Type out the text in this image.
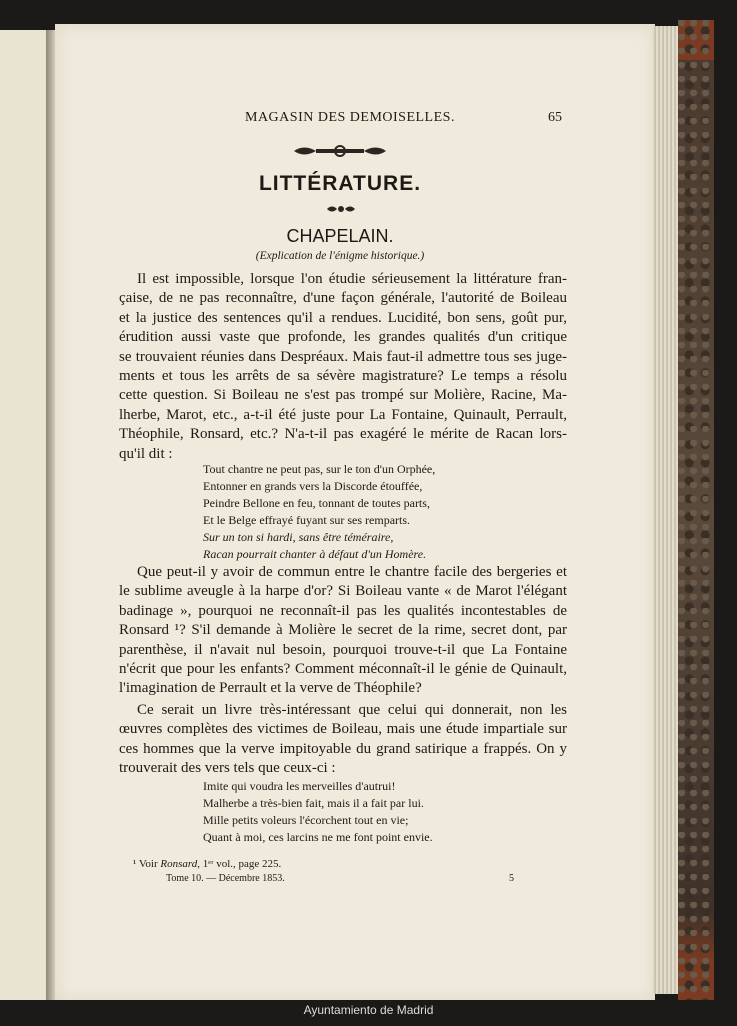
MAGASIN DES DEMOISELLES.	65
LITTÉRATURE.
CHAPELAIN.
(Explication de l'énigme historique.)
Il est impossible, lorsque l'on étudie sérieusement la littérature fran-
çaise, de ne pas reconnaître, d'une façon générale, l'autorité de Boileau
et la justice des sentences qu'il a rendues. Lucidité, bon sens, goût pur,
érudition aussi vaste que profonde, les grandes qualités d'un critique
se trouvaient réunies dans Despréaux. Mais faut-il admettre tous ses juge-
ments et tous les arrêts de sa sévère magistrature? Le temps a résolu
cette question. Si Boileau ne s'est pas trompé sur Molière, Racine, Ma-
lherbe, Marot, etc., a-t-il été juste pour La Fontaine, Quinault, Perrault,
Théophile, Ronsard, etc.? N'a-t-il pas exagéré le mérite de Racan lors-
qu'il dit :
Tout chantre ne peut pas, sur le ton d'un Orphée,
Entonner en grands vers la Discorde étouffée,
Peindre Bellone en feu, tonnant de toutes parts,
Et le Belge effrayé fuyant sur ses remparts.
Sur un ton si hardi, sans être téméraire,
Racan pourrait chanter à défaut d'un Homère.
Que peut-il y avoir de commun entre le chantre facile des bergeries et
le sublime aveugle à la harpe d'or? Si Boileau vante « de Marot l'élégant
badinage », pourquoi ne reconnaît-il pas les qualités incontestables de
Ronsard ¹? S'il demande à Molière le secret de la rime, secret dont, par
parenthèse, il n'avait nul besoin, pourquoi trouve-t-il que La Fontaine
n'écrit que pour les enfants? Comment méconnaît-il le génie de Quinault,
l'imagination de Perrault et la verve de Théophile?
Ce serait un livre très-intéressant que celui qui donnerait, non les
œuvres complètes des victimes de Boileau, mais une étude impartiale sur
ces hommes que la verve impitoyable du grand satirique a frappés. On y
trouverait des vers tels que ceux-ci :
Imite qui voudra les merveilles d'autrui!
Malherbe a très-bien fait, mais il a fait par lui.
Mille petits voleurs l'écorchent tout en vie;
Quant à moi, ces larcins ne me font point envie.
¹ Voir Ronsard, 1ᵉʳ vol., page 225.
Tome 10. — Décembre 1853.	5
Ayuntamiento de Madrid
